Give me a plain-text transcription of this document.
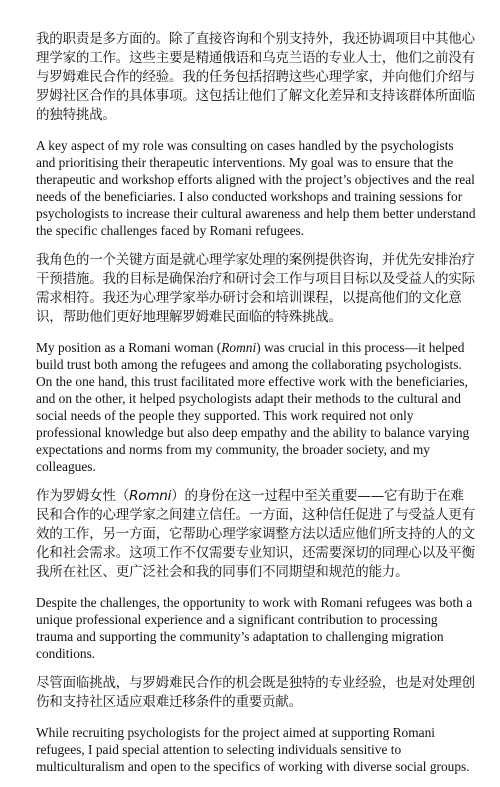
我的职责是多方面的。除了直接咨询和个别支持外，我还协调项目中其他心理学家的工作。这些主要是精通俄语和乌克兰语的专业人士，他们之前没有与罗姆难民合作的经验。我的任务包括招聘这些心理学家，并向他们介绍与罗姆社区合作的具体事项。这包括让他们了解文化差异和支持该群体所面临的独特挑战。

A key aspect of my role was consulting on cases handled by the psychologists and prioritising their therapeutic interventions. My goal was to ensure that the therapeutic and workshop efforts aligned with the project’s objectives and the real needs of the beneficiaries. I also conducted workshops and training sessions for psychologists to increase their cultural awareness and help them better understand the specific challenges faced by Romani refugees.

我角色的一个关键方面是就心理学家处理的案例提供咨询，并优先安排治疗干预措施。我的目标是确保治疗和研讨会工作与项目目标以及受益人的实际需求相符。我还为心理学家举办研讨会和培训课程，以提高他们的文化意识，帮助他们更好地理解罗姆难民面临的特殊挑战。

My position as a Romani woman (Romni) was crucial in this process—it helped build trust both among the refugees and among the collaborating psychologists. On the one hand, this trust facilitated more effective work with the beneficiaries, and on the other, it helped psychologists adapt their methods to the cultural and social needs of the people they supported. This work required not only professional knowledge but also deep empathy and the ability to balance varying expectations and norms from my community, the broader society, and my colleagues.

作为罗姆女性（Romni）的身份在这一过程中至关重要——它有助于在难民和合作的心理学家之间建立信任。一方面，这种信任促进了与受益人更有效的工作，另一方面，它帮助心理学家调整方法以适应他们所支持的人的文化和社会需求。这项工作不仅需要专业知识，还需要深切的同理心以及平衡我所在社区、更广泛社会和我的同事们不同期望和规范的能力。

Despite the challenges, the opportunity to work with Romani refugees was both a unique professional experience and a significant contribution to processing trauma and supporting the community’s adaptation to challenging migration conditions.

尽管面临挑战，与罗姆难民合作的机会既是独特的专业经验，也是对处理创伤和支持社区适应艰难迁移条件的重要贡献。

While recruiting psychologists for the project aimed at supporting Romani refugees, I paid special attention to selecting individuals sensitive to multiculturalism and open to the specifics of working with diverse social groups.
